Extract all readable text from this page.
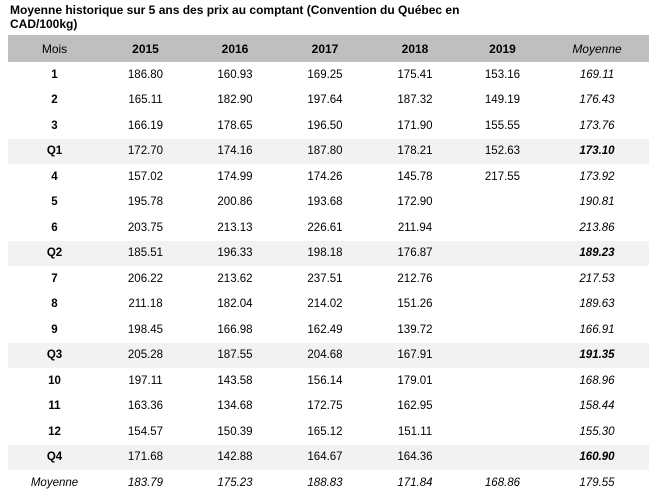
Moyenne historique sur 5 ans des prix au comptant (Convention du Québec en CAD/100kg)
Mois	2015	2016	2017	2018	2019	Moyenne
1	186.80	160.93	169.25	175.41	153.16	169.11
2	165.11	182.90	197.64	187.32	149.19	176.43
3	166.19	178.65	196.50	171.90	155.55	173.76
Q1	172.70	174.16	187.80	178.21	152.63	173.10
4	157.02	174.99	174.26	145.78	217.55	173.92
5	195.78	200.86	193.68	172.90		190.81
6	203.75	213.13	226.61	211.94		213.86
Q2	185.51	196.33	198.18	176.87		189.23
7	206.22	213.62	237.51	212.76		217.53
8	211.18	182.04	214.02	151.26		189.63
9	198.45	166.98	162.49	139.72		166.91
Q3	205.28	187.55	204.68	167.91		191.35
10	197.11	143.58	156.14	179.01		168.96
11	163.36	134.68	172.75	162.95		158.44
12	154.57	150.39	165.12	151.11		155.30
Q4	171.68	142.88	164.67	164.36		160.90
Moyenne	183.79	175.23	188.83	171.84	168.86	179.55
